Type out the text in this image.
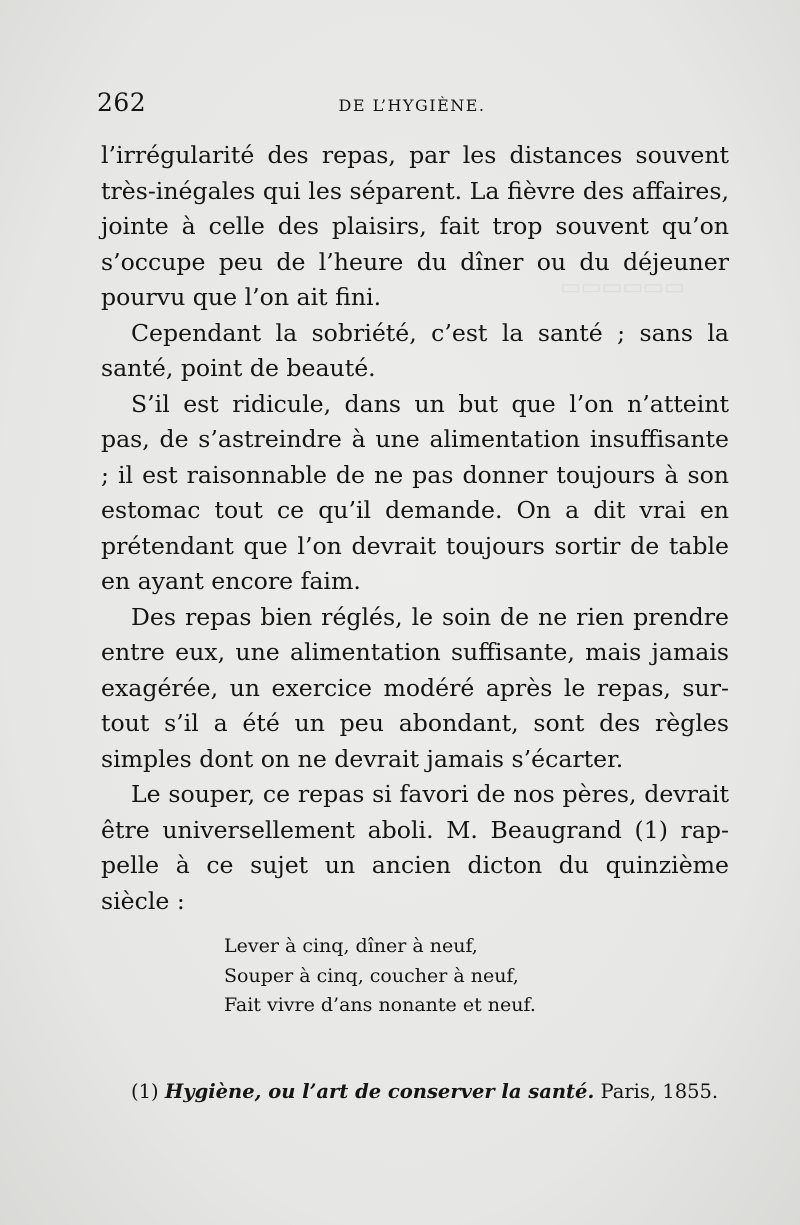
▭▭▭▭▭▭
262	DE L’HYGIÈNE.

l’irrégularité des repas, par les distances souvent très-inégales qui les séparent. La fièvre des affaires, jointe à celle des plaisirs, fait trop souvent qu’on s’occupe peu de l’heure du dîner ou du déjeuner pourvu que l’on ait fini.

Cependant la sobriété, c’est la santé ; sans la santé, point de beauté.

S’il est ridicule, dans un but que l’on n’atteint pas, de s’astreindre à une alimentation insuffisante ; il est raisonnable de ne pas donner toujours à son estomac tout ce qu’il demande. On a dit vrai en prétendant que l’on devrait toujours sortir de table en ayant encore faim.

Des repas bien réglés, le soin de ne rien prendre entre eux, une alimentation suffisante, mais jamais exagérée, un exercice modéré après le repas, surtout s’il a été un peu abondant, sont des règles simples dont on ne devrait jamais s’écarter.

Le souper, ce repas si favori de nos pères, devrait être universellement aboli. M. Beaugrand (1) rappelle à ce sujet un ancien dicton du quinzième siècle :

Lever à cinq, dîner à neuf,
Souper à cinq, coucher à neuf,
Fait vivre d’ans nonante et neuf.
(1) Hygiène, ou l’art de conserver la santé. Paris, 1855.
